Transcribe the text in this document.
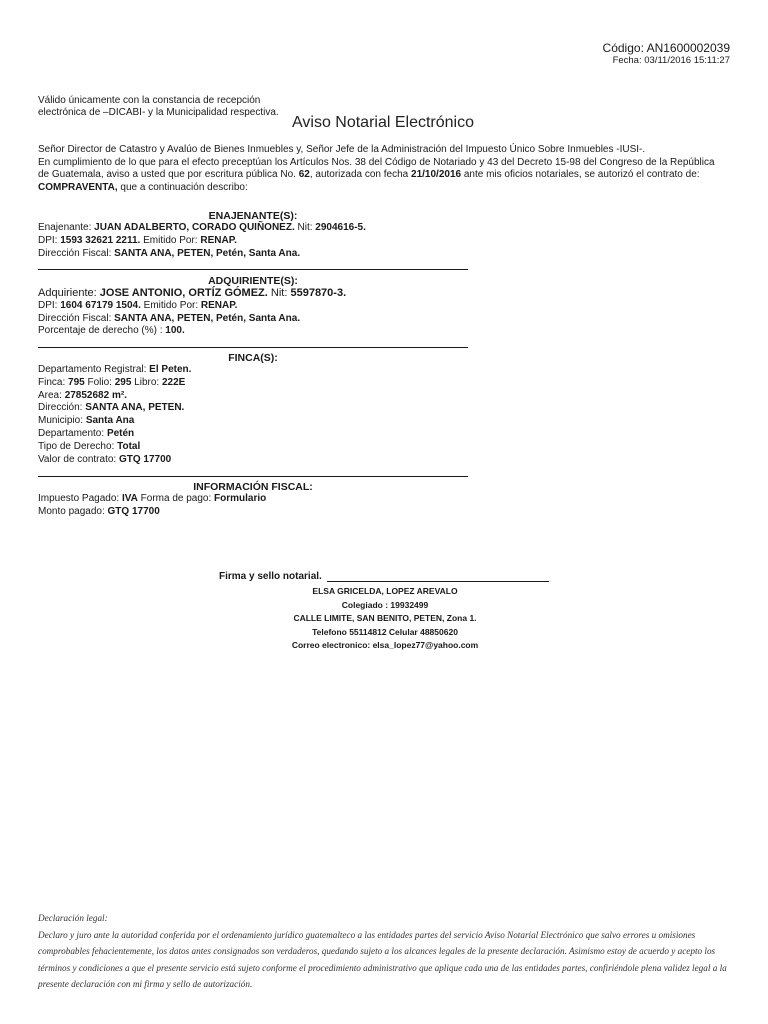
Código: AN1600002039
Fecha: 03/11/2016 15:11:27
Válido únicamente con la constancia de recepción
electrónica de –DICABI- y la Municipalidad respectiva.
Aviso Notarial Electrónico
Señor Director de Catastro y Avalúo de Bienes Inmuebles y, Señor Jefe de la Administración del Impuesto Único Sobre Inmuebles -IUSI-.
En cumplimiento de lo que para el efecto preceptúan los Artículos Nos. 38 del Código de Notariado y 43 del Decreto 15-98 del Congreso de la República
de Guatemala, aviso a usted que por escritura pública No. 62, autorizada con fecha 21/10/2016 ante mis oficios notariales, se autorizó el contrato de:
COMPRAVENTA, que a continuación describo:
ENAJENANTE(S):
Enajenante: JUAN ADALBERTO, CORADO QUIÑONEZ. Nit: 2904616-5.
DPI: 1593 32621 2211. Emitido Por: RENAP.
Dirección Fiscal: SANTA ANA, PETEN, Petén, Santa Ana.
ADQUIRIENTE(S):
Adquiriente: JOSE ANTONIO, ORTÍZ GÓMEZ. Nit: 5597870-3.
DPI: 1604 67179 1504. Emitido Por: RENAP.
Dirección Fiscal: SANTA ANA, PETEN, Petén, Santa Ana.
Porcentaje de derecho (%) : 100.
FINCA(S):
Departamento Registral: El Peten.
Finca: 795 Folio: 295 Libro: 222E
Area: 27852682 m².
Dirección: SANTA ANA, PETEN.
Municipio: Santa Ana
Departamento: Petén
Tipo de Derecho: Total
Valor de contrato: GTQ 17700
INFORMACIÓN FISCAL:
Impuesto Pagado: IVA Forma de pago: Formulario
Monto pagado: GTQ 17700
Firma y sello notarial.
ELSA GRICELDA, LOPEZ AREVALO
Colegiado : 19932499
CALLE LIMITE, SAN BENITO, PETEN, Zona 1.
Telefono 55114812 Celular 48850620
Correo electronico: elsa_lopez77@yahoo.com
Declaración legal:
Declaro y juro ante la autoridad conferida por el ordenamiento jurídico guatemalteco a las entidades partes del servicio Aviso Notarial Electrónico que salvo errores u omisiones comprobables fehacientemente, los datos antes consignados son verdaderos, quedando sujeto a los alcances legales de la presente declaración. Asimismo estoy de acuerdo y acepto los términos y condiciones a que el presente servicio está sujeto conforme el procedimiento administrativo que aplique cada una de las entidades partes, confiriéndole plena validez legal a la presente declaración con mi firma y sello de autorización.
